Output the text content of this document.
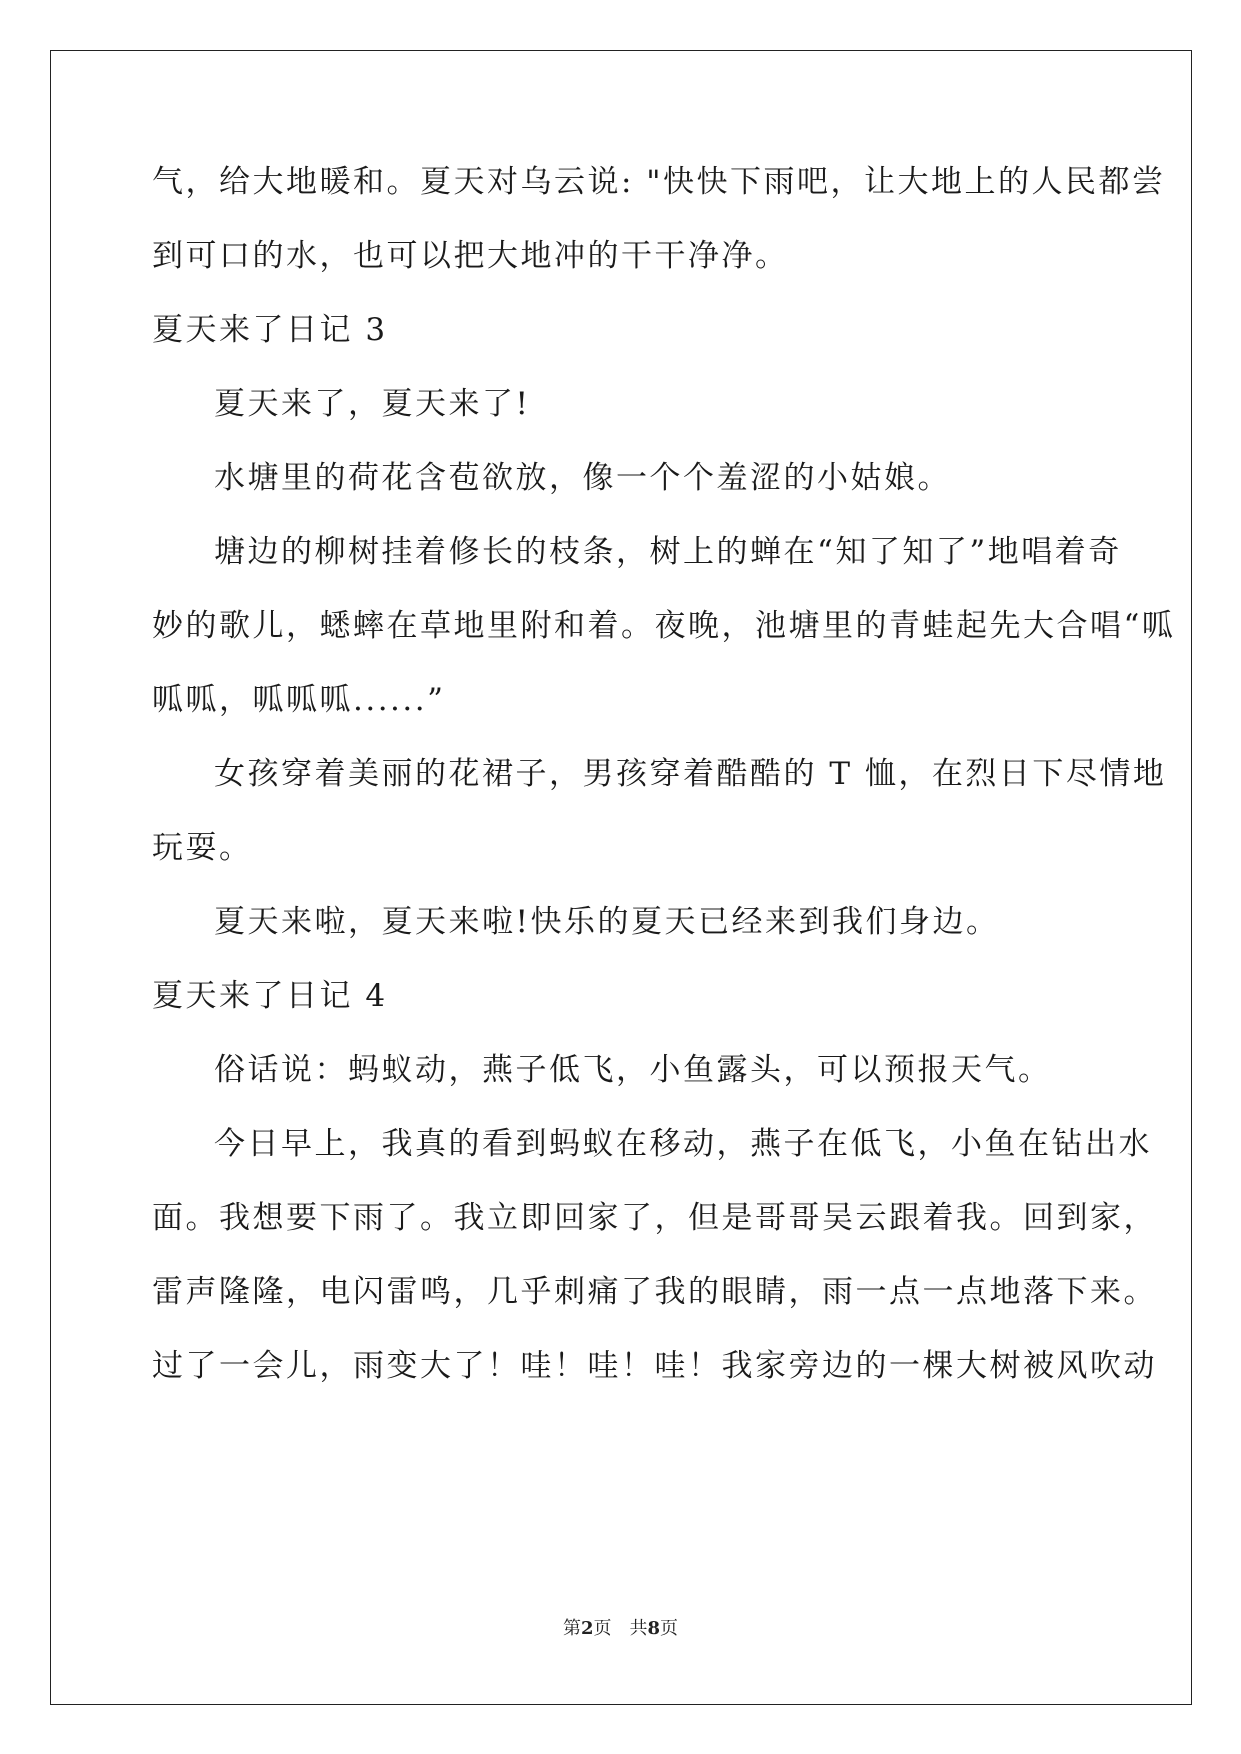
气，给大地暖和。夏天对乌云说: "快快下雨吧，让大地上的人民都尝
到可口的水，也可以把大地冲的干干净净。
夏天来了日记 3
夏天来了，夏天来了!
水塘里的荷花含苞欲放，像一个个羞涩的小姑娘。
塘边的柳树挂着修长的枝条，树上的蝉在“知了知了”地唱着奇
妙的歌儿，蟋蟀在草地里附和着。夜晚，池塘里的青蛙起先大合唱“呱
呱呱，呱呱呱......”
女孩穿着美丽的花裙子，男孩穿着酷酷的 T 恤，在烈日下尽情地
玩耍。
夏天来啦，夏天来啦!快乐的夏天已经来到我们身边。
夏天来了日记 4
俗话说：蚂蚁动，燕子低飞，小鱼露头，可以预报天气。
今日早上，我真的看到蚂蚁在移动，燕子在低飞，小鱼在钻出水
面。我想要下雨了。我立即回家了，但是哥哥吴云跟着我。回到家，
雷声隆隆，电闪雷鸣，几乎刺痛了我的眼睛，雨一点一点地落下来。
过了一会儿，雨变大了！哇！哇！哇！我家旁边的一棵大树被风吹动
第2页 共8页
